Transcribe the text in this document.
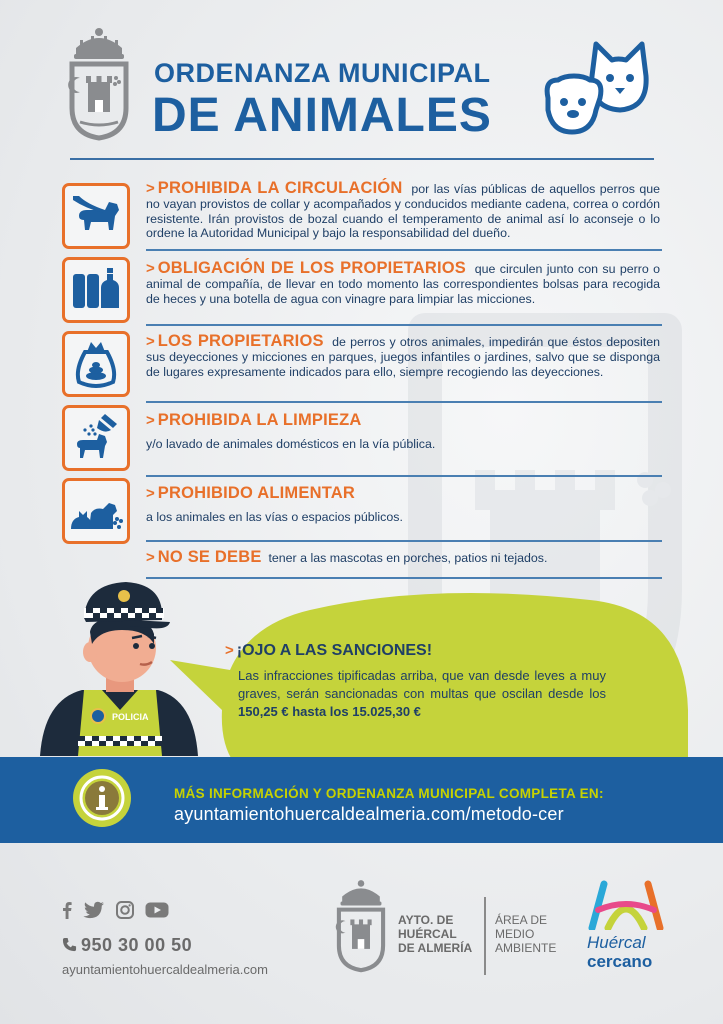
ORDENANZA MUNICIPAL
DE ANIMALES
> PROHIBIDA LA CIRCULACIÓN por las vías públicas de aquellos perros que no vayan provistos de collar y acompañados y conducidos mediante cadena, correa o cordón resistente. Irán provistos de bozal cuando el temperamento de animal así lo aconseje o lo ordene la Autoridad Municipal y bajo la responsabilidad del dueño.
> OBLIGACIÓN DE LOS PROPIETARIOS que circulen junto con su perro o animal de compañía, de llevar en todo momento las correspondientes bolsas para recogida de heces y una botella de agua con vinagre para limpiar las micciones.
> LOS PROPIETARIOS de perros y otros animales, impedirán que éstos depositen sus deyecciones y micciones en parques, juegos infantiles o jardines, salvo que se disponga de lugares expresamente indicados para ello, siempre recogiendo las deyecciones.
> PROHIBIDA LA LIMPIEZA
y/o lavado de animales domésticos en la vía pública.
> PROHIBIDO ALIMENTAR
a los animales en las vías o espacios públicos.
> NO SE DEBE tener a las mascotas en porches, patios ni tejados.
POLICIA
> ¡OJO A LAS SANCIONES!
Las infracciones tipificadas arriba, que van desde leves a muy graves, serán sancionadas con multas que oscilan desde los 150,25 € hasta los 15.025,30 €
MÁS INFORMACIÓN Y ORDENANZA MUNICIPAL COMPLETA EN:
ayuntamientohuercaldealmeria.com/metodo-cer
950 30 00 50
ayuntamientohuercaldealmeria.com
AYTO. DE
HUÉRCAL
DE ALMERÍA
ÁREA DE
MEDIO
AMBIENTE Huércal
cercano
